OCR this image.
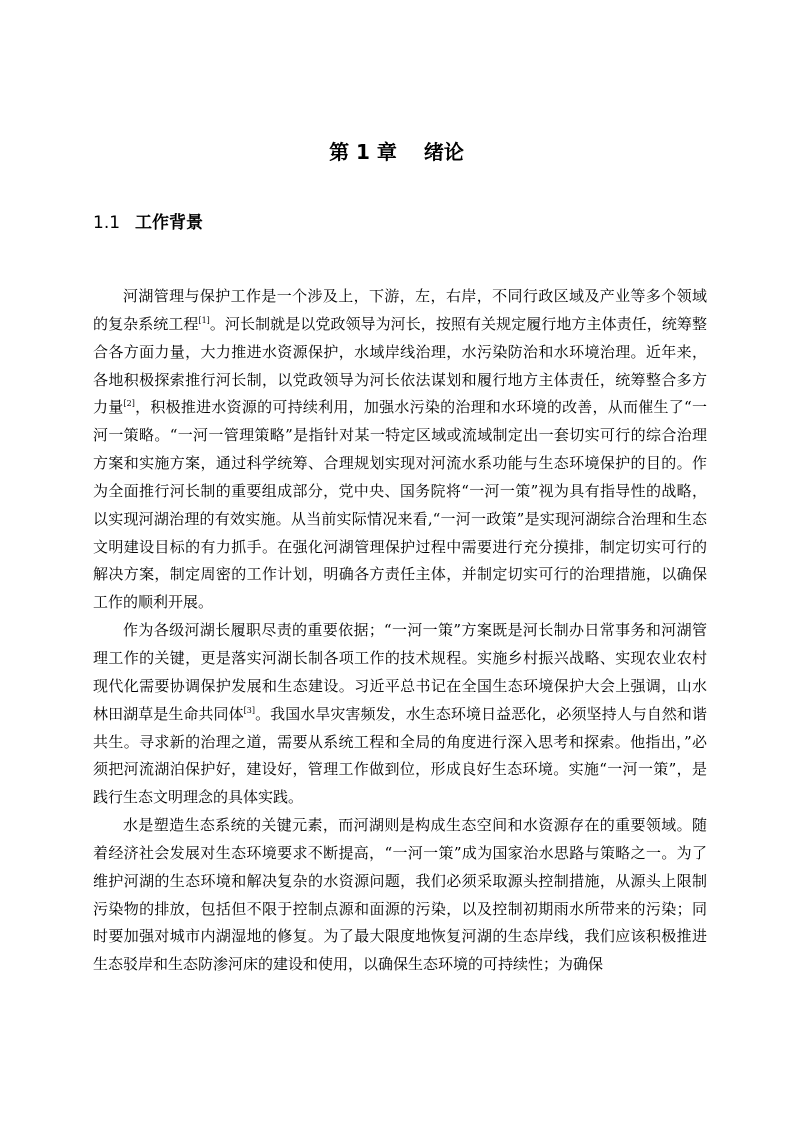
第 1 章　 绪论
1.1 工作背景

河湖管理与保护工作是一个涉及上，下游，左，右岸，不同行政区域及产业等多个领域的复杂系统工程[1]。河长制就是以党政领导为河长，按照有关规定履行地方主体责任，统筹整合各方面力量，大力推进水资源保护，水域岸线治理，水污染防治和水环境治理。近年来，各地积极探索推行河长制，以党政领导为河长依法谋划和履行地方主体责任，统筹整合多方力量[2]，积极推进水资源的可持续利用，加强水污染的治理和水环境的改善，从而催生了“一河一策略。“一河一管理策略”是指针对某一特定区域或流域制定出一套切实可行的综合治理方案和实施方案，通过科学统筹、合理规划实现对河流水系功能与生态环境保护的目的。作为全面推行河长制的重要组成部分，党中央、国务院将“一河一策”视为具有指导性的战略，以实现河湖治理的有效实施。从当前实际情况来看,“一河一政策”是实现河湖综合治理和生态文明建设目标的有力抓手。在强化河湖管理保护过程中需要进行充分摸排，制定切实可行的解决方案，制定周密的工作计划，明确各方责任主体，并制定切实可行的治理措施，以确保工作的顺利开展。

作为各级河湖长履职尽责的重要依据；“一河一策”方案既是河长制办日常事务和河湖管理工作的关键，更是落实河湖长制各项工作的技术规程。实施乡村振兴战略、实现农业农村现代化需要协调保护发展和生态建设。习近平总书记在全国生态环境保护大会上强调，山水林田湖草是生命共同体[3]。我国水旱灾害频发，水生态环境日益恶化，必须坚持人与自然和谐共生。寻求新的治理之道，需要从系统工程和全局的角度进行深入思考和探索。他指出，”必须把河流湖泊保护好，建设好，管理工作做到位，形成良好生态环境。实施“一河一策”，是践行生态文明理念的具体实践。

水是塑造生态系统的关键元素，而河湖则是构成生态空间和水资源存在的重要领域。随着经济社会发展对生态环境要求不断提高，“一河一策”成为国家治水思路与策略之一。为了维护河湖的生态环境和解决复杂的水资源问题，我们必须采取源头控制措施，从源头上限制污染物的排放，包括但不限于控制点源和面源的污染，以及控制初期雨水所带来的污染；同时要加强对城市内湖湿地的修复。为了最大限度地恢复河湖的生态岸线，我们应该积极推进生态驳岸和生态防渗河床的建设和使用，以确保生态环境的可持续性；为确保
